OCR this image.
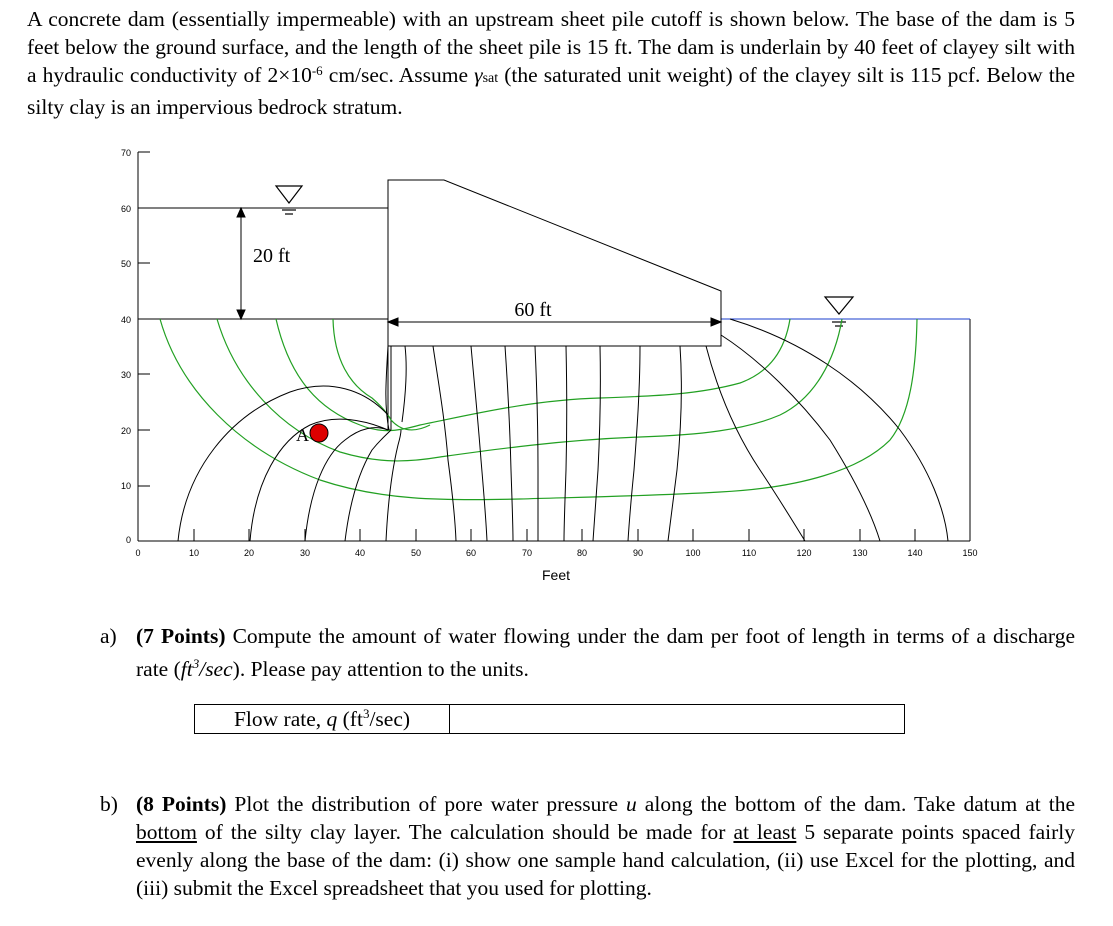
A concrete dam (essentially impermeable) with an upstream sheet pile cutoff is shown below. The base of the dam is 5 feet below the ground surface, and the length of the sheet pile is 15 ft. The dam is underlain by 40 feet of clayey silt with a hydraulic conductivity of $2\times 10^{-6}$ cm/sec. Assume γsat (the saturated unit weight) of the clayey silt is 115 pcf. Below the silty clay is an impervious bedrock stratum.
70
60
50
40
30
20
10
0
0	10	20	30	40	50	60	70	80	90	100	110	120	130	140	150
Feet
20 ft
60 ft
A
a) (7 Points) Compute the amount of water flowing under the dam per foot of length in terms of a discharge rate $(ft^3/\sec)$. Please pay attention to the units.
Flow rate, q $(ft^3/\sec)$	
b) (8 Points) Plot the distribution of pore water pressure u along the bottom of the dam. Take datum at the bottom of the silty clay layer. The calculation should be made for at least 5 separate points spaced fairly evenly along the base of the dam: (i) show one sample hand calculation, (ii) use Excel for the plotting, and (iii) submit the Excel spreadsheet that you used for plotting.
